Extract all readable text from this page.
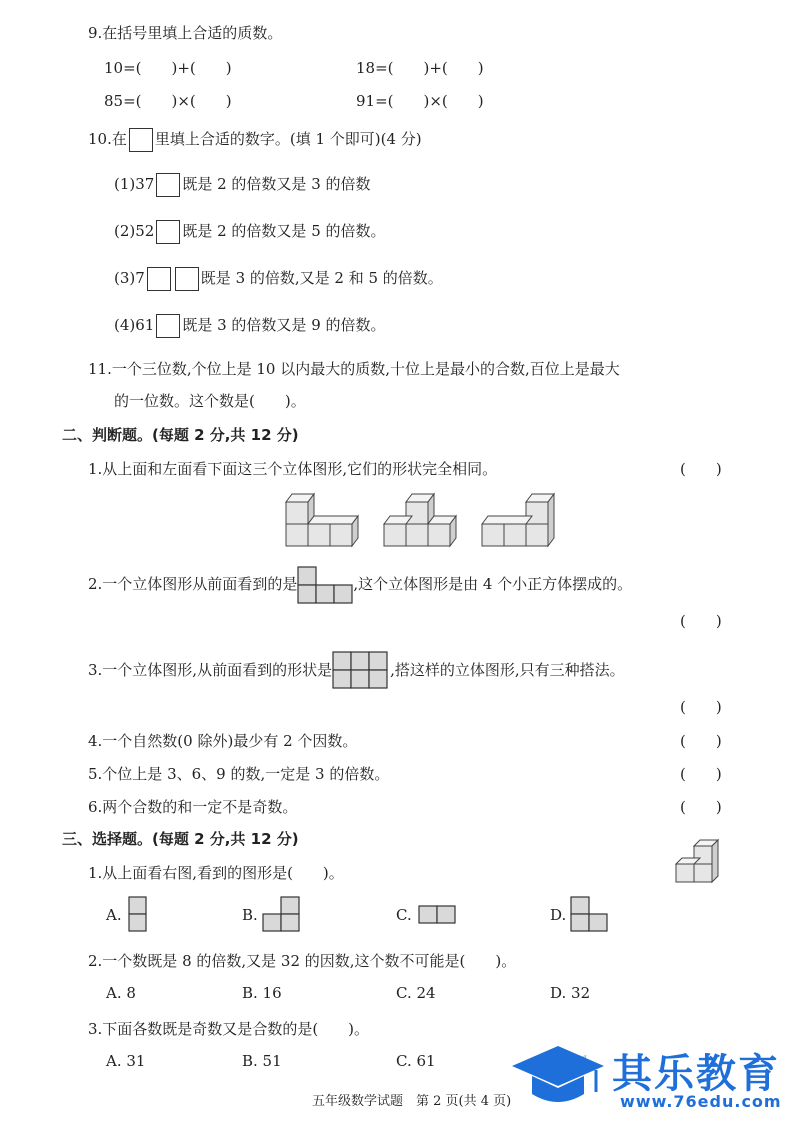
9.在括号里填上合适的质数。
10=(　　)+(　　)	18=(　　)+(　　)
85=(　　)×(　　)	91=(　　)×(　　)
10.在 里填上合适的数字。(填 1 个即可)(4 分)
(1)37 既是 2 的倍数又是 3 的倍数
(2)52 既是 2 的倍数又是 5 的倍数。
(3)7	既是 3 的倍数,又是 2 和 5 的倍数。
(4)61 既是 3 的倍数又是 9 的倍数。
11.一个三位数,个位上是 10 以内最大的质数,十位上是最小的合数,百位上是最大
的一位数。这个数是(　　)。
二、判断题。(每题 2 分,共 12 分)
1.从上面和左面看下面这三个立体图形,它们的形状完全相同。	(　　)
2.一个立体图形从前面看到的是	,这个立体图形是由 4 个小正方体摆成的。
(　　)
3.一个立体图形,从前面看到的形状是	,搭这样的立体图形,只有三种搭法。
(　　)
4.一个自然数(0 除外)最少有 2 个因数。	(　　)
5.个位上是 3、6、9 的数,一定是 3 的倍数。	(　　)
6.两个合数的和一定不是奇数。	(　　)
三、选择题。(每题 2 分,共 12 分)
1.从上面看右图,看到的图形是(　　)。
A.	B.	C.	D.
2.一个数既是 8 的倍数,又是 32 的因数,这个数不可能是(　　)。
A. 8	B. 16	C. 24	D. 32
3.下面各数既是奇数又是合数的是(　　)。
A. 31	B. 51	C. 61
五年级数学试题　第 2 页(共 4 页)
其乐教育
www.76edu.com
